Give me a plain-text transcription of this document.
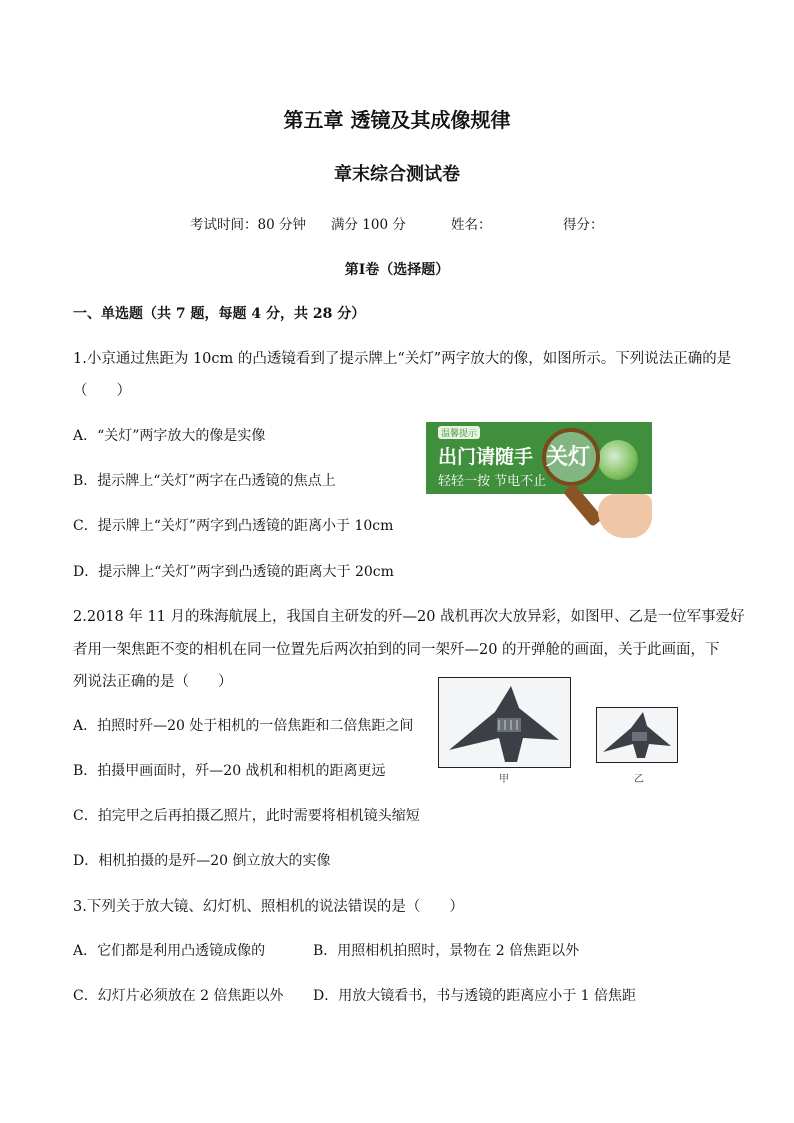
第五章 透镜及其成像规律
章末综合测试卷
考试时间：80 分钟 满分 100 分	姓名：	得分：
第Ⅰ卷（选择题）
一、单选题（共 7 题，每题 4 分，共 28 分）
1.小京通过焦距为 10cm 的凸透镜看到了提示牌上“关灯”两字放大的像，如图所示。下列说法正确的是
（　　）
A．“关灯”两字放大的像是实像
B．提示牌上“关灯”两字在凸透镜的焦点上
C．提示牌上“关灯”两字到凸透镜的距离小于 10cm
D．提示牌上“关灯”两字到凸透镜的距离大于 20cm
温馨提示
出门请随手
轻轻一按 节电不止
关灯
2.2018 年 11 月的珠海航展上，我国自主研发的歼—20 战机再次大放异彩，如图甲、乙是一位军事爱好
者用一架焦距不变的相机在同一位置先后两次拍到的同一架歼—20 的开弹舱的画面，关于此画面，下
列说法正确的是（　　）
A．拍照时歼—20 处于相机的一倍焦距和二倍焦距之间
B．拍摄甲画面时，歼—20 战机和相机的距离更远
C．拍完甲之后再拍摄乙照片，此时需要将相机镜头缩短
D．相机拍摄的是歼—20 倒立放大的实像
甲	乙
3.下列关于放大镜、幻灯机、照相机的说法错误的是（　　）
A．它们都是利用凸透镜成像的	B．用照相机拍照时，景物在 2 倍焦距以外
C．幻灯片必须放在 2 倍焦距以外 D．用放大镜看书，书与透镜的距离应小于 1 倍焦距
